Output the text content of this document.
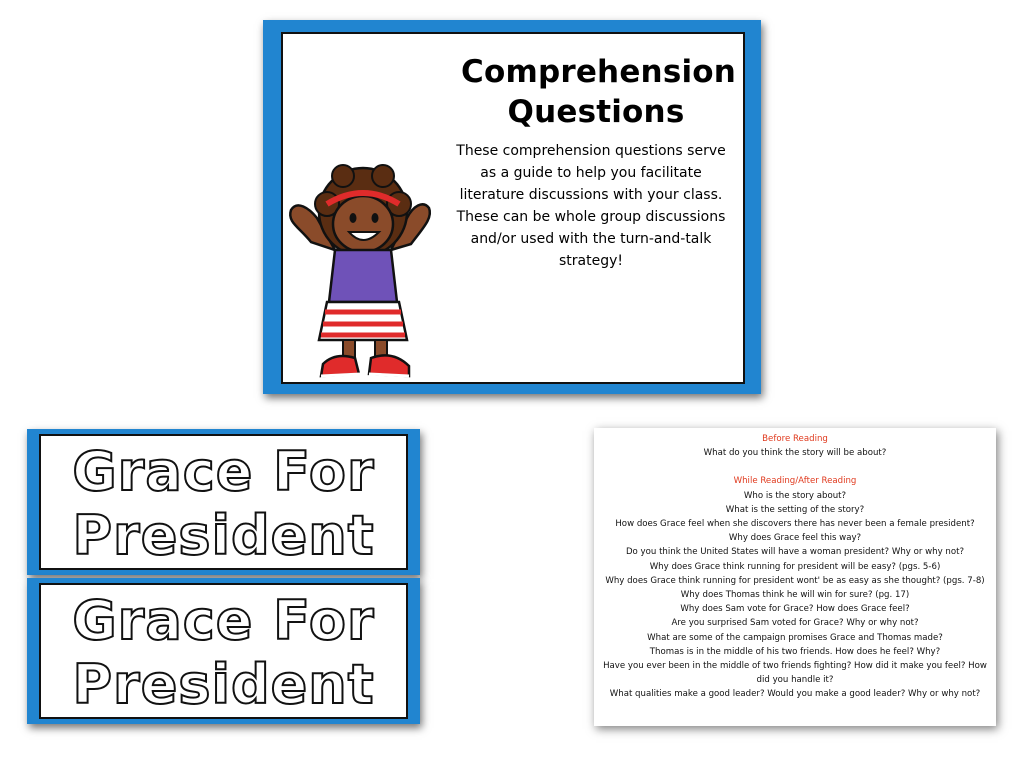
Comprehension Questions
These comprehension questions serve as a guide to help you facilitate literature discussions with your class. These can be whole group discussions and/or used with the turn-and-talk strategy!
Grace For
President
Grace For
President
Before Reading
What do you think the story will be about?
While Reading/After Reading
Who is the story about?
What is the setting of the story?
How does Grace feel when she discovers there has never been a female president?
Why does Grace feel this way?
Do you think the United States will have a woman president? Why or why not?
Why does Grace think running for president will be easy? (pgs. 5-6)
Why does Grace think running for president wont' be as easy as she thought? (pgs. 7-8)
Why does Thomas think he will win for sure? (pg. 17)
Why does Sam vote for Grace? How does Grace feel?
Are you surprised Sam voted for Grace? Why or why not?
What are some of the campaign promises Grace and Thomas made?
Thomas is in the middle of his two friends. How does he feel? Why?
Have you ever been in the middle of two friends fighting? How did it make you feel? How did you handle it?
What qualities make a good leader? Would you make a good leader? Why or why not?
